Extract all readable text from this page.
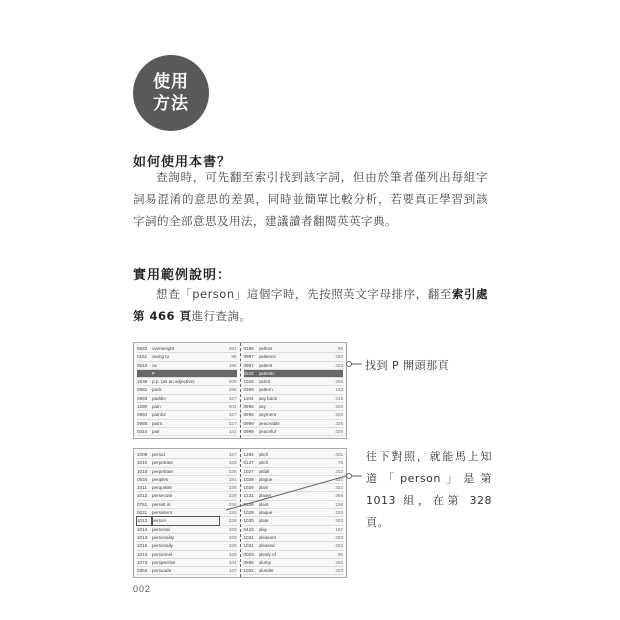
使用
方法
如何使用本書？
查詢時，可先翻至索引找到該字詞，但由於筆者僅列出每組字詞易混淆的意思的差異，同時並簡單比較分析，若要真正學習到該字詞的全部意思及用法，建議讀者翻閱英英字典。
實用範例說明：
想查「person」這個字時，先按照英文字母排序，翻至索引處第 466 頁進行查詢。
0553	overweight	281
0161	owing to	89
0543	ox	195
P
1538	p.p. (as an adjective)	609
0582	pack	288
0983	paddle	327
1290	pain	604
0984	painful	327
0985	paint	327
0344	pair	141
0155	pathos	86
0997	patience	333
0997	patient	333
0222	patriotic	362
1018	patrol	290
0369	pattern	152
1104	pay back	315
0998	pay	325
0998	payment	325
0999	peaceable	325
0999	peaceful	325
1009	period	327
1010	perpetrate	328
1010	perpetrate	328
0534	peoples	181
1011	perquisite	328
1012	persecute	328
0751	persist in	256
0021	persistent	153
1013	person	328
1014	personal	329
1013	personality	329
1016	personally	329
1014	personnel	329
1073	perspective	344
0353	persuade	137
1284	pitch	401
0127	pitch	78
1027	pitfall	332
1028	plague	332
1029	plain	332
1231	planet	388
0539	plant	196
1029	plaque	333
1030	plate	333
0443	play	167
1031	pleasant	333
1031	pleased	333
0003	plenty of	98
0555	plump	282
1032	plunder	333
找到 P 開頭那頁
往下對照，就能馬上知道「person」是第 1013 組，在第 328 頁。
002
